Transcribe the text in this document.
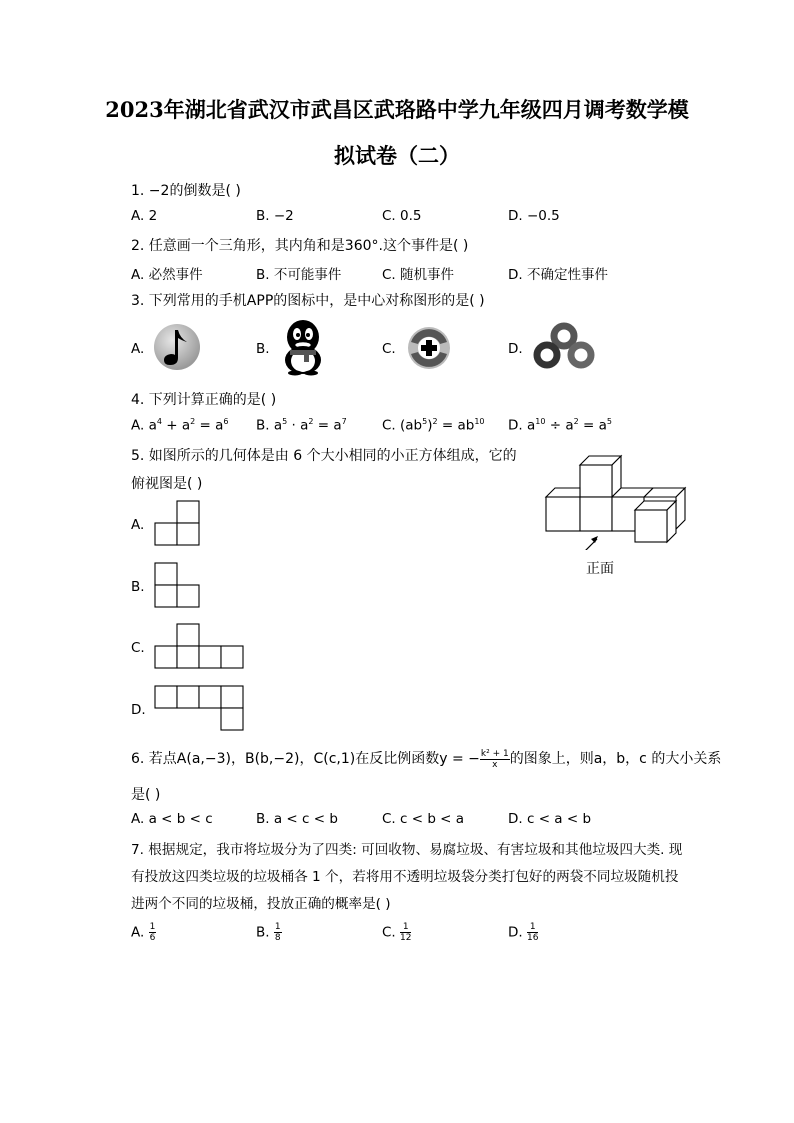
2023年湖北省武汉市武昌区武珞路中学九年级四月调考数学模
拟试卷（二）
1. −2的倒数是( )
A. 2	B. −2	C. 0.5	D. −0.5
2. 任意画一个三角形，其内角和是360°.这个事件是( )
A. 必然事件	B. 不可能事件	C. 随机事件	D. 不确定性事件
3. 下列常用的手机APP的图标中，是中心对称图形的是( )
A.	B.	C.	D.
4. 下列计算正确的是( )
A. $a^4 + a^2 = a^6$ B. $a^5 \cdot a^2 = a^7$	C. $(ab^5)^2 = ab^{10}$ D. $a^{10} \div a^2 = a^5$
5. 如图所示的几何体是由 6 个大小相同的小正方体组成，它的
俯视图是( )
A.
B.
C.
D.
正面
6. 若点A(a,−3)，B(b,−2)，C(c,1)在反比例函数y = − $\frac{\text{k² + 1}}{x}$ 的图象上，则a，b，c 的大小关系
是( )
A. a < b < c	B. a < c < b	C. c < b < a	D. c < a < b
7. 根据规定，我市将垃圾分为了四类: 可回收物、易腐垃圾、有害垃圾和其他垃圾四大类. 现
有投放这四类垃圾的垃圾桶各 1 个，若将用不透明垃圾袋分类打包好的两袋不同垃圾随机投
进两个不同的垃圾桶，投放正确的概率是( )
A. $\frac{1}{6}$	B. $\frac{1}{8}$	C. $\frac{1}{12}$	D. $\frac{1}{16}$
